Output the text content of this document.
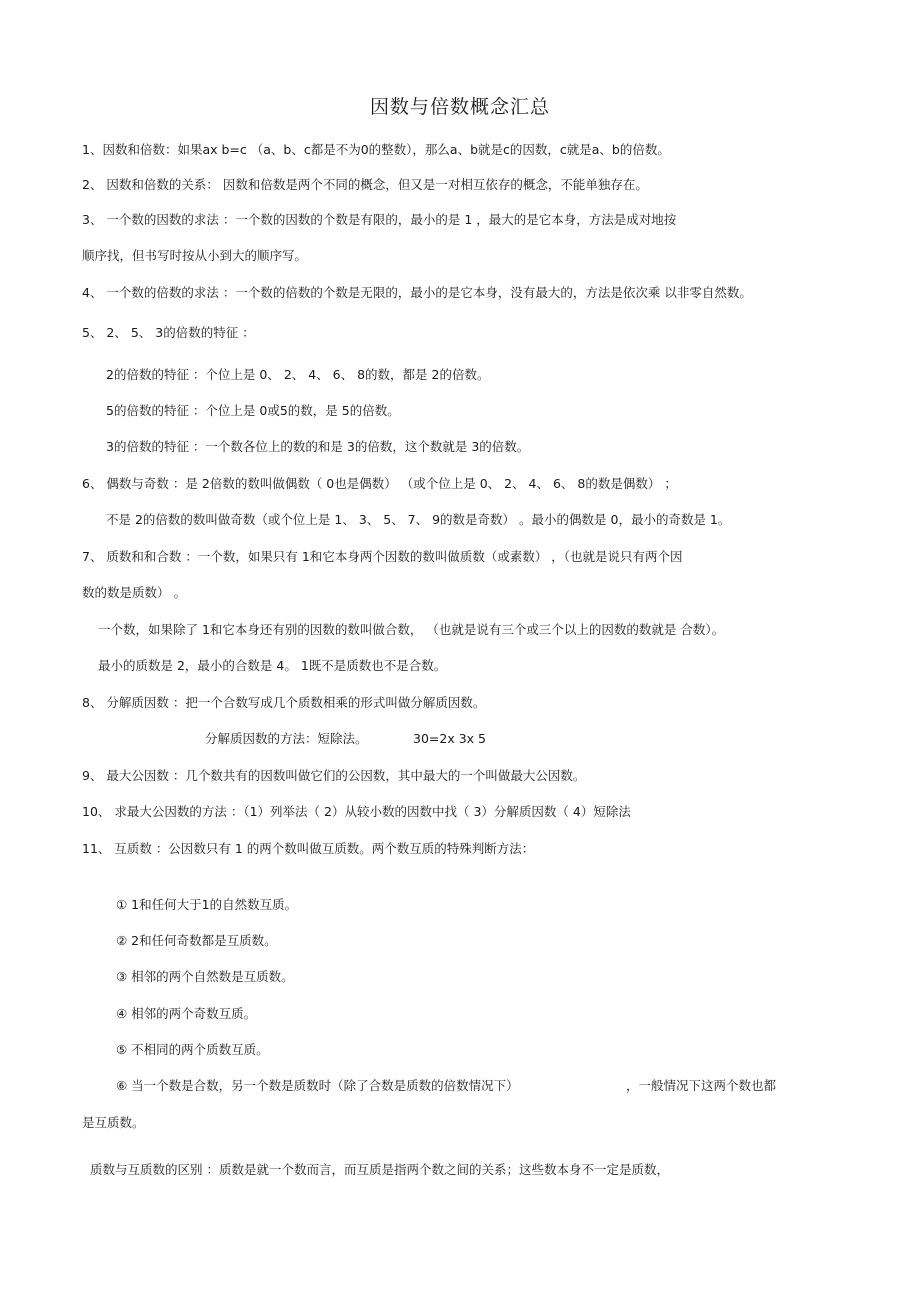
因数与倍数概念汇总
1、因数和倍数：如果ax b=c （a、b、c都是不为0的整数），那么a、b就是c的因数，c就是a、b的倍数。
2、 因数和倍数的关系： 因数和倍数是两个不同的概念，但又是一对相互依存的概念，不能单独存在。
3、 一个数的因数的求法 ：一个数的因数的个数是有限的，最小的是 1 ，最大的是它本身，方法是成对地按
顺序找，但书写时按从小到大的顺序写。
4、 一个数的倍数的求法 ：一个数的倍数的个数是无限的，最小的是它本身，没有最大的，方法是依次乘 以非零自然数。
5、 2、 5、 3的倍数的特征 ：
2的倍数的特征 ：个位上是 0、 2、 4、 6、 8的数，都是 2的倍数。
5的倍数的特征 ：个位上是 0或5的数，是 5的倍数。
3的倍数的特征 ：一个数各位上的数的和是 3的倍数，这个数就是 3的倍数。
6、 偶数与奇数 ：是 2倍数的数叫做偶数（ 0也是偶数） （或个位上是 0、 2、 4、 6、 8的数是偶数） ；
不是 2的倍数的数叫做奇数（或个位上是 1、 3、 5、 7、 9的数是奇数） 。最小的偶数是 0，最小的奇数是 1。
7、 质数和和合数 ：一个数，如果只有 1和它本身两个因数的数叫做质数（或素数） ，（也就是说只有两个因
数的数是质数） 。
一个数，如果除了 1和它本身还有别的因数的数叫做合数， （也就是说有三个或三个以上的因数的数就是 合数）。
最小的质数是 2，最小的合数是 4。 1既不是质数也不是合数。
8、 分解质因数 ：把一个合数写成几个质数相乘的形式叫做分解质因数。
分解质因数的方法：短除法。	30=2x 3x 5
9、 最大公因数 ：几个数共有的因数叫做它们的公因数，其中最大的一个叫做最大公因数。
10、 求最大公因数的方法 ：（1）列举法（ 2）从较小数的因数中找（ 3）分解质因数（ 4）短除法
11、 互质数 ：公因数只有 1 的两个数叫做互质数。两个数互质的特殊判断方法：
① 1和任何大于1的自然数互质。
② 2和任何奇数都是互质数。
③ 相邻的两个自然数是互质数。
④ 相邻的两个奇数互质。
⑤ 不相同的两个质数互质。
⑥ 当一个数是合数，另一个数是质数时（除了合数是质数的倍数情况下）	，一般情况下这两个数也都
是互质数。
质数与互质数的区别 ：质数是就一个数而言，而互质是指两个数之间的关系；这些数本身不一定是质数，
